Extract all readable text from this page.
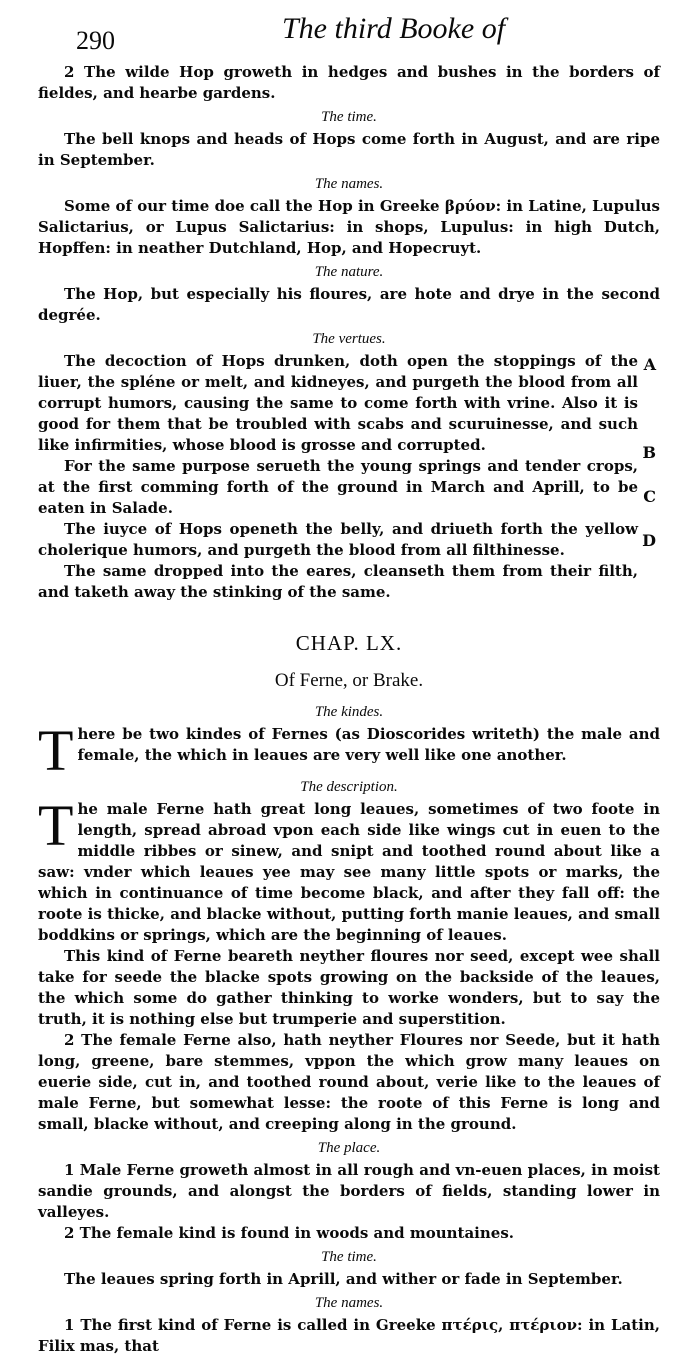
290	The third Booke of

2 The wilde Hop groweth in hedges and bushes in the borders of fieldes, and hearbe gardens.

The time.

The bell knops and heads of Hops come forth in August, and are ripe in September.

The names.

Some of our time doe call the Hop in Greeke βρύον: in Latine, Lupulus Salictarius, or Lupus Salictarius: in shops, Lupulus: in high Dutch, Hopffen: in neather Dutchland, Hop, and Hopecruyt.

The nature.

The Hop, but especially his floures, are hote and drye in the second degrée.

The vertues.

A
B
C
D

The decoction of Hops drunken, doth open the stoppings of the liuer, the spléne or melt, and kidneyes, and purgeth the blood from all corrupt humors, causing the same to come forth with vrine. Also it is good for them that be troubled with scabs and scuruinesse, and such like infirmities, whose blood is grosse and corrupted.

For the same purpose serueth the young springs and tender crops, at the first comming forth of the ground in March and Aprill, to be eaten in Salade.

The iuyce of Hops openeth the belly, and driueth forth the yellow cholerique humors, and purgeth the blood from all filthinesse.

The same dropped into the eares, cleanseth them from their filth, and taketh away the stinking of the same.

CHAP. LX.

Of Ferne, or Brake.

The kindes.

T here be two kindes of Fernes (as Dioscorides writeth) the male and female, the which in leaues are very well like one another.

The description.

T he male Ferne hath great long leaues, sometimes of two foote in length, spread abroad vpon each side like wings cut in euen to the middle ribbes or sinew, and snipt and toothed round about like a saw: vnder which leaues yee may see many little spots or marks, the which in continuance of time become black, and after they fall off: the roote is thicke, and blacke without, putting forth manie leaues, and small boddkins or springs, which are the beginning of leaues.

This kind of Ferne beareth neyther floures nor seed, except wee shall take for seede the blacke spots growing on the backside of the leaues, the which some do gather thinking to worke wonders, but to say the truth, it is nothing else but trumperie and superstition.

2 The female Ferne also, hath neyther Floures nor Seede, but it hath long, greene, bare stemmes, vppon the which grow many leaues on euerie side, cut in, and toothed round about, verie like to the leaues of male Ferne, but somewhat lesse: the roote of this Ferne is long and small, blacke without, and creeping along in the ground.

The place.

1 Male Ferne groweth almost in all rough and vn-euen places, in moist sandie grounds, and alongst the borders of fields, standing lower in valleyes.

2 The female kind is found in woods and mountaines.

The time.

The leaues spring forth in Aprill, and wither or fade in September.

The names.

1 The first kind of Ferne is called in Greeke πτέρις, πτέριον: in Latin, Filix mas, that
